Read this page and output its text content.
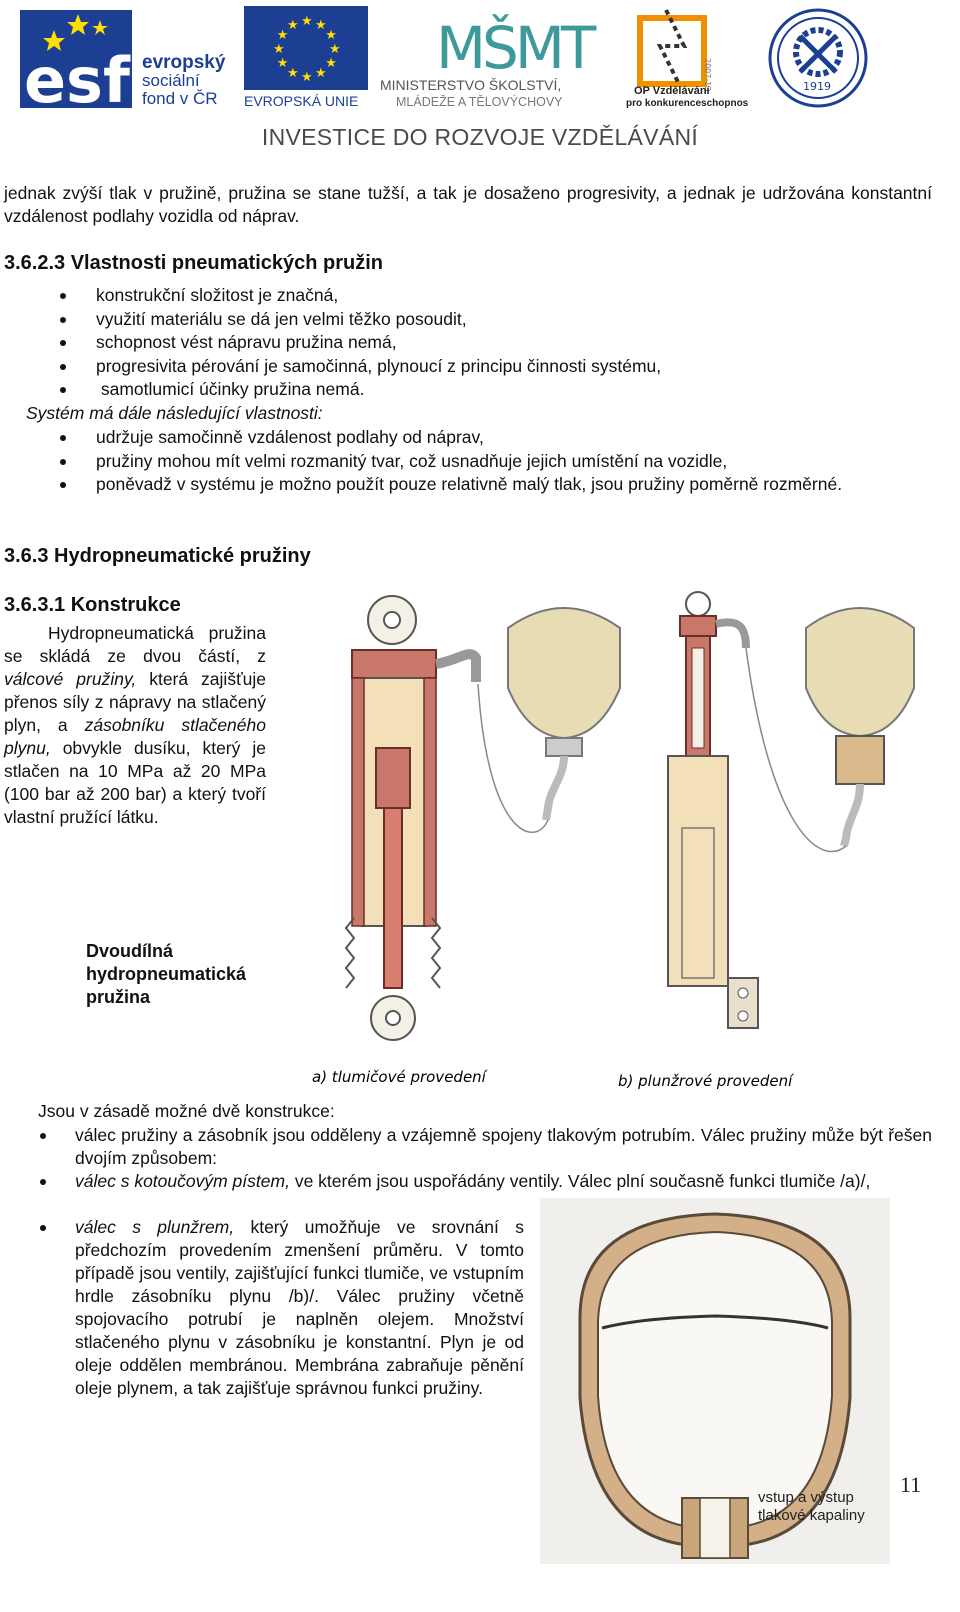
esf evropský
sociální
fond v ČR
★ ★
★
★
★
★
★
★
★
★
★
★
EVROPSKÁ UNIE
MŠMT
MINISTERSTVO ŠKOLSTVÍ,
MLÁDEŽE A TĚLOVÝCHOVY
2007-13
OP Vzdělávání
pro konkurenceschopnost
1919
INVESTICE DO ROZVOJE VZDĚLÁVÁNÍ

jednak zvýší tlak v pružině, pružina se stane tužší, a tak je dosaženo progresivity, a jednak je udržována konstantní vzdálenost podlahy vozidla od náprav.

3.6.2.3 Vlastnosti pneumatických pružin
konstrukční složitost je značná,
využití materiálu se dá jen velmi těžko posoudit,
schopnost vést nápravu pružina nemá,
progresivita pérování je samočinná, plynoucí z principu činnosti systému,
samotlumicí účinky pružina nemá.
Systém má dále následující vlastnosti:
udržuje samočinně vzdálenost podlahy od náprav,
pružiny mohou mít velmi rozmanitý tvar, což usnadňuje jejich umístění na vozidle,
poněvadž v systému je možno použít pouze relativně malý tlak, jsou pružiny poměrně rozměrné.
3.6.3 Hydropneumatické pružiny
3.6.3.1 Konstrukce

Hydropneumatická pružina se skládá ze dvou částí, z válcové pružiny, která zajišťuje přenos síly z nápravy na stlačený plyn, a zásobníku stlačeného plynu, obvykle dusíku, který je stlačen na 10 MPa až 20 MPa (100 bar až 200 bar) a který tvoří vlastní pružící látku.

Dvoudílná hydropneumatická pružina
a) tlumičové provedení	b) plunžrové provedení
Jsou v zásadě možné dvě konstrukce:

válec pružiny a zásobník jsou odděleny a vzájemně spojeny tlakovým potrubím. Válec pružiny může být řešen dvojím způsobem:

válec s kotoučovým pístem, ve kterém jsou uspořádány ventily. Válec plní současně funkci tlumiče /a)/,

válec s plunžrem, který umožňuje ve srovnání s předchozím provedením zmenšení průměru. V tomto případě jsou ventily, zajišťující funkci tlumiče, ve vstupním hrdle zásobníku plynu /b)/. Válec pružiny včetně spojovacího potrubí je naplněn olejem. Množství stlačeného plynu v zásobníku je konstantní. Plyn je od oleje oddělen membránou. Membrána zabraňuje pěnění oleje plynem, a tak zajišťuje správnou funkci pružiny.

vstup a výstup
tlakové kapaliny
11
